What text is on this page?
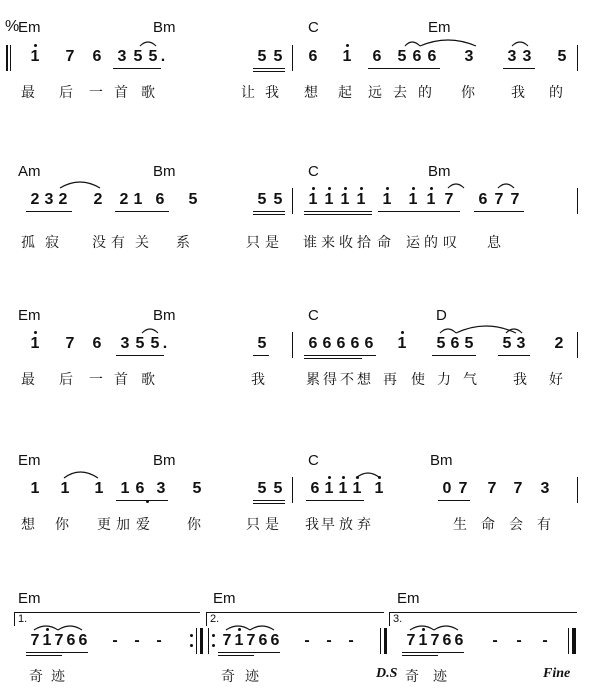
%
Em	Bm	C	Em
1 7 6 3 5 5 .	5 5 6 1 6 5 6 6 3 3 3 5
最 后 一 首 歌	让 我 想 起 远 去 的 你	我 的
Am	Bm	C	Bm
2 3 2 2 2 1 6 5	5 5 1 1 1 1 1 1 1 7 6 7 7
孤 寂 没 有 关 系	只 是 谁 来 收 拾 命 运 的 叹 息
Em	Bm	C	D
1 7 6 3 5 5 .	5	6 6 6 6 6 1 5 6 5 5 3 2
最 后 一 首 歌	我	累 得 不 想 再 使 力 气	我 好
Em	Bm	C	Bm
1 1 1 1 6 3 5	5 5 6 1 1 1 1	0 7 7 7 3
想 你 更 加 爱	你	只 是 我 早 放 弃	生 命 会 有
Em	Em	Em
1.	2.	3.
7 1 7 6 6 - - -	7 1 7 6 6 - - -	7 1 7 6 6 - - -
奇 迹	奇 迹	D.S 奇 迹	Fine
